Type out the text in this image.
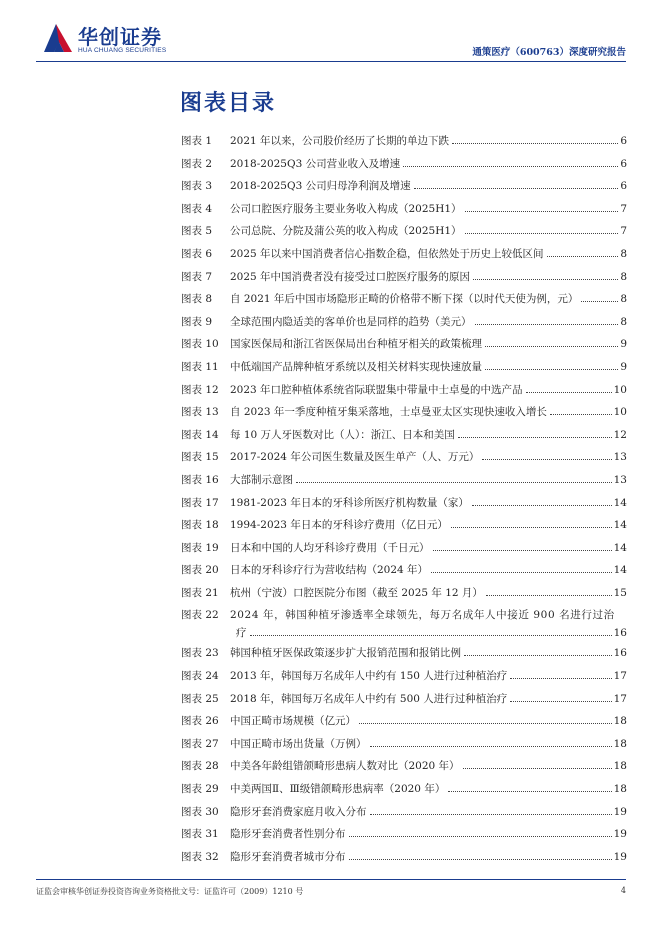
华创证券
HUA CHUANG SECURITIES	通策医疗（600763）深度研究报告
图表目录
图表 1	2021 年以来，公司股价经历了长期的单边下跌	6
图表 2	2018-2025Q3 公司营业收入及增速	6
图表 3	2018-2025Q3 公司归母净利润及增速	6
图表 4	公司口腔医疗服务主要业务收入构成（2025H1）	7
图表 5	公司总院、分院及蒲公英的收入构成（2025H1）	7
图表 6	2025 年以来中国消费者信心指数企稳，但依然处于历史上较低区间	8
图表 7	2025 年中国消费者没有接受过口腔医疗服务的原因	8
图表 8	自 2021 年后中国市场隐形正畸的价格带不断下探（以时代天使为例，元）	8
图表 9	全球范围内隐适美的客单价也是同样的趋势（美元）	8
图表 10	国家医保局和浙江省医保局出台种植牙相关的政策梳理	9
图表 11	中低端国产品牌种植牙系统以及相关材料实现快速放量	9
图表 12	2023 年口腔种植体系统省际联盟集中带量中士卓曼的中选产品	10
图表 13	自 2023 年一季度种植牙集采落地，士卓曼亚太区实现快速收入增长	10
图表 14	每 10 万人牙医数对比（人）：浙江、日本和美国	12
图表 15	2017-2024 年公司医生数量及医生单产（人、万元）	13
图表 16	大部制示意图	13
图表 17	1981-2023 年日本的牙科诊所医疗机构数量（家）	14
图表 18	1994-2023 年日本的牙科诊疗费用（亿日元）	14
图表 19	日本和中国的人均牙科诊疗费用（千日元）	14
图表 20	日本的牙科诊疗行为营收结构（2024 年）	14
图表 21	杭州（宁波）口腔医院分布图（截至 2025 年 12 月）	15
图表 22	2024 年，韩国种植牙渗透率全球领先，每万名成年人中接近 900 名进行过治
疗	16
图表 23	韩国种植牙医保政策逐步扩大报销范围和报销比例	16
图表 24	2013 年，韩国每万名成年人中约有 150 人进行过种植治疗	17
图表 25	2018 年，韩国每万名成年人中约有 500 人进行过种植治疗	17
图表 26	中国正畸市场规模（亿元）	18
图表 27	中国正畸市场出货量（万例）	18
图表 28	中美各年龄组错颌畸形患病人数对比（2020 年）	18
图表 29	中美两国Ⅱ、Ⅲ级错颌畸形患病率（2020 年）	18
图表 30	隐形牙套消费家庭月收入分布	19
图表 31	隐形牙套消费者性别分布	19
图表 32	隐形牙套消费者城市分布	19
证监会审核华创证券投资咨询业务资格批文号：证监许可（2009）1210 号	4
